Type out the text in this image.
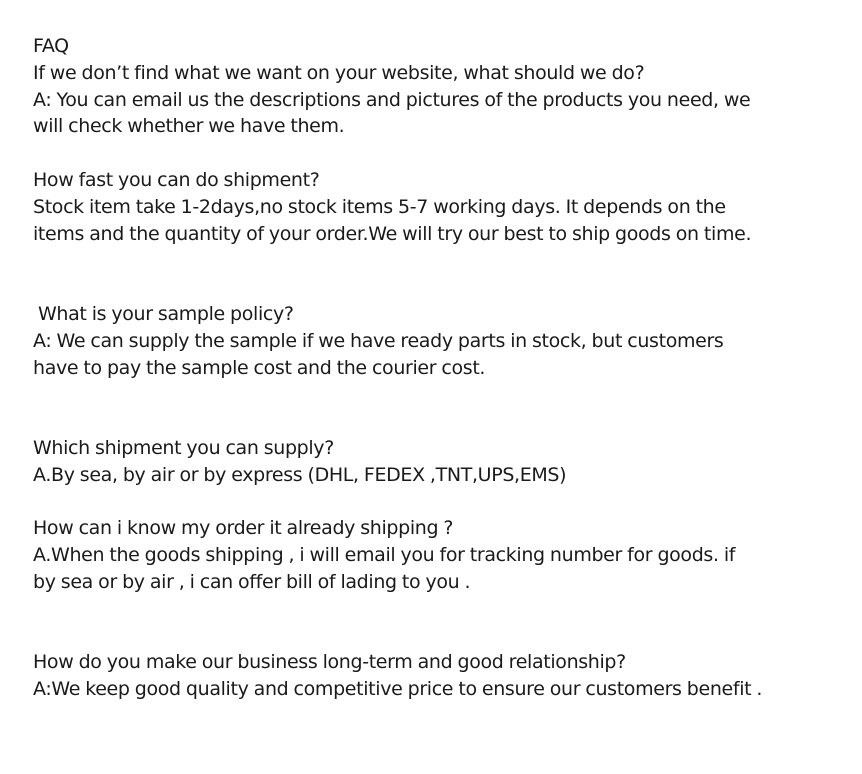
FAQ
If we don’t find what we want on your website, what should we do?
A: You can email us the descriptions and pictures of the products you need, we
will check whether we have them.
How fast you can do shipment?
Stock item take 1-2days,no stock items 5-7 working days. It depends on the
items and the quantity of your order.We will try our best to ship goods on time.
What is your sample policy?
A: We can supply the sample if we have ready parts in stock, but customers
have to pay the sample cost and the courier cost.
Which shipment you can supply?
A.By sea, by air or by express (DHL, FEDEX ,TNT,UPS,EMS)
How can i know my order it already shipping ?
A.When the goods shipping , i will email you for tracking number for goods. if
by sea or by air , i can offer bill of lading to you .
How do you make our business long-term and good relationship?
A:We keep good quality and competitive price to ensure our customers benefit .
